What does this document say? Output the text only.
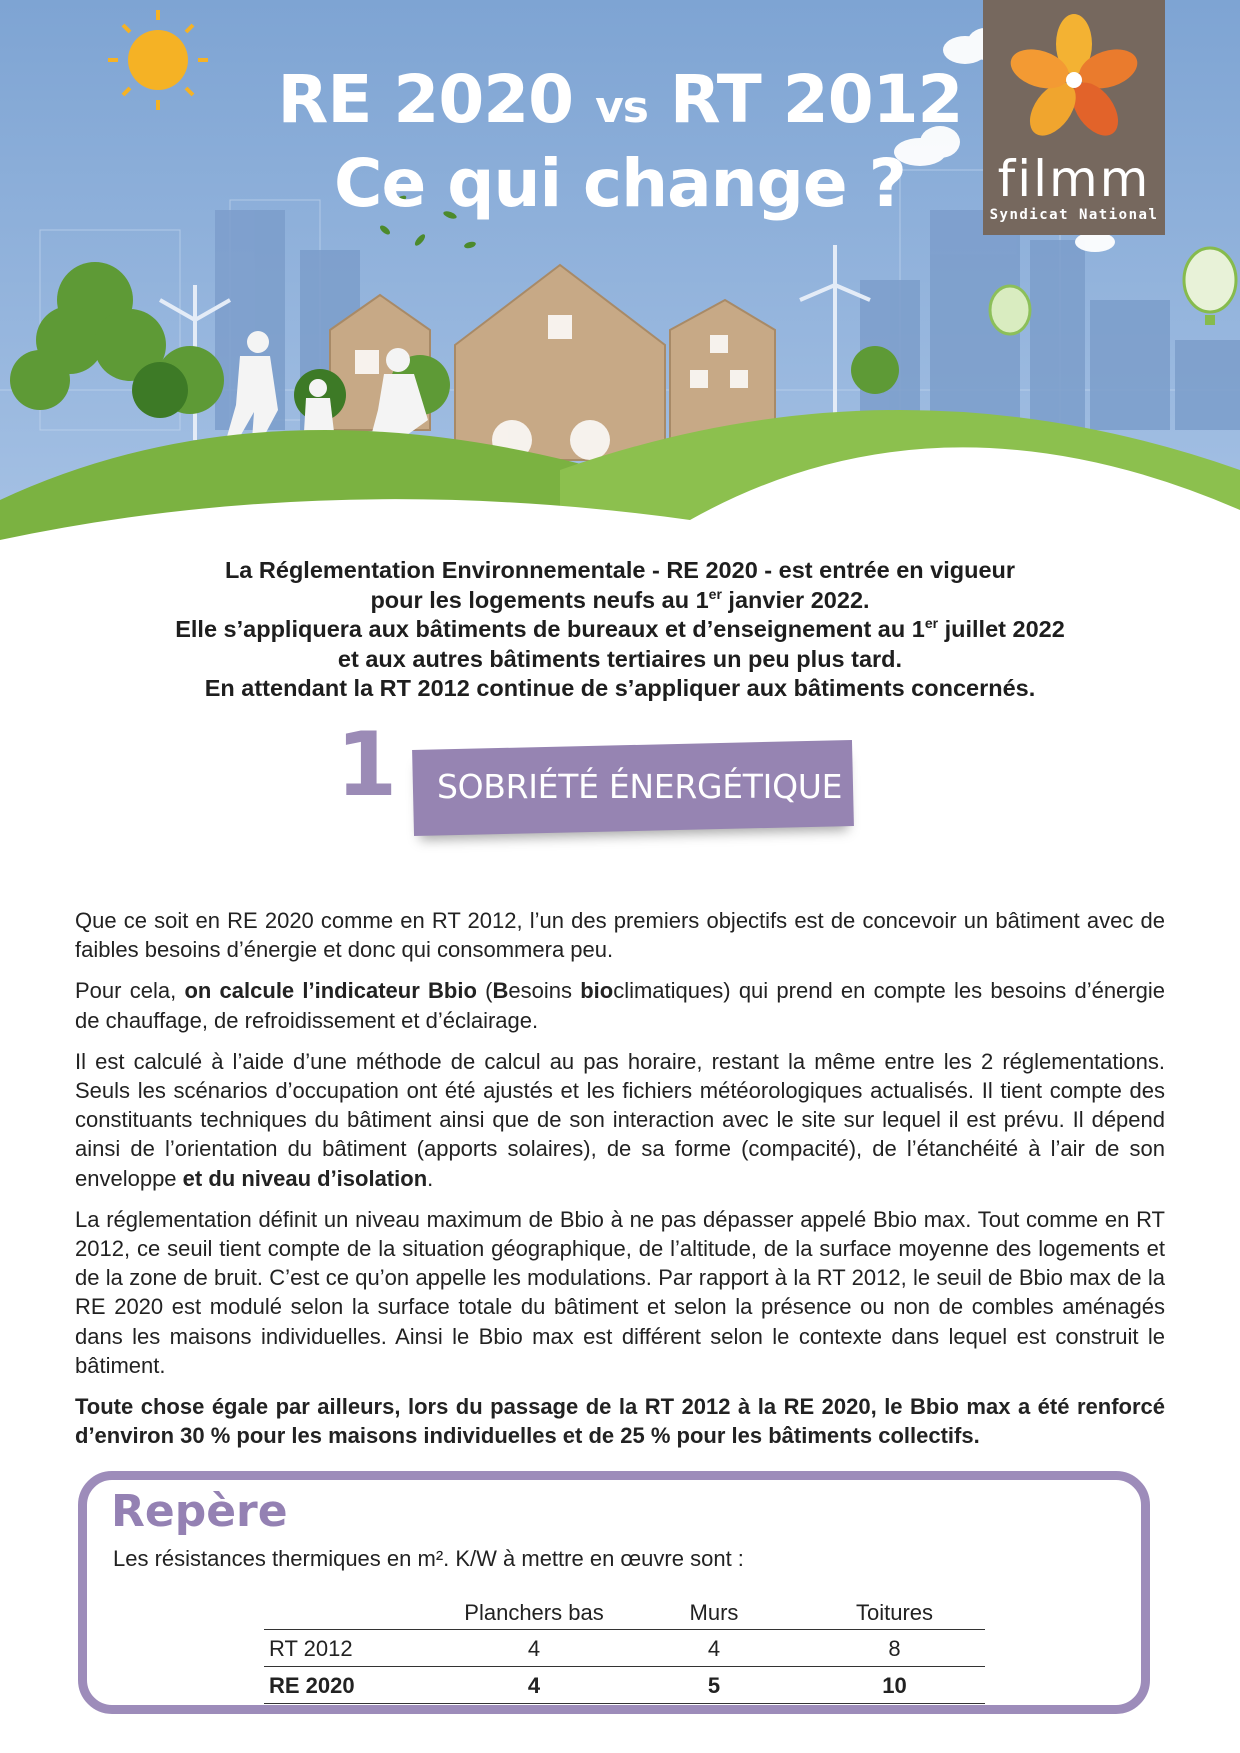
RE 2020 vs RT 2012
Ce qui change ?	filmm
Syndicat National

La Réglementation Environnementale - RE 2020 - est entrée en vigueur

pour les logements neufs au 1er janvier 2022.

Elle s’appliquera aux bâtiments de bureaux et d’enseignement au 1er juillet 2022

et aux autres bâtiments tertiaires un peu plus tard.

En attendant la RT 2012 continue de s’appliquer aux bâtiments concernés.

1 SOBRIÉTÉ ÉNERGÉTIQUE

Que ce soit en RE 2020 comme en RT 2012, l’un des premiers objectifs est de concevoir un bâtiment avec de faibles besoins d’énergie et donc qui consommera peu.

Pour cela, on calcule l’indicateur Bbio (Besoins bioclimatiques) qui prend en compte les besoins d’énergie de chauffage, de refroidissement et d’éclairage.

Il est calculé à l’aide d’une méthode de calcul au pas horaire, restant la même entre les 2 réglementations. Seuls les scénarios d’occupation ont été ajustés et les fichiers météorologiques actualisés. Il tient compte des constituants techniques du bâtiment ainsi que de son interaction avec le site sur lequel il est prévu. Il dépend ainsi de l’orientation du bâtiment (apports solaires), de sa forme (compacité), de l’étanchéité à l’air de son enveloppe et du niveau d’isolation.

La réglementation définit un niveau maximum de Bbio à ne pas dépasser appelé Bbio max. Tout comme en RT 2012, ce seuil tient compte de la situation géographique, de l’altitude, de la surface moyenne des logements et de la zone de bruit. C’est ce qu’on appelle les modulations. Par rapport à la RT 2012, le seuil de Bbio max de la RE 2020 est modulé selon la surface totale du bâtiment et selon la présence ou non de combles aménagés dans les maisons individuelles. Ainsi le Bbio max est différent selon le contexte dans lequel est construit le bâtiment.

Toute chose égale par ailleurs, lors du passage de la RT 2012 à la RE 2020, le Bbio max a été renforcé d’environ 30 % pour les maisons individuelles et de 25 % pour les bâtiments collectifs.

Repère
Les résistances thermiques en m². K/W à mettre en œuvre sont :
	Planchers bas	Murs	Toitures
RT 2012	4	4	8
RE 2020	4	5	10
